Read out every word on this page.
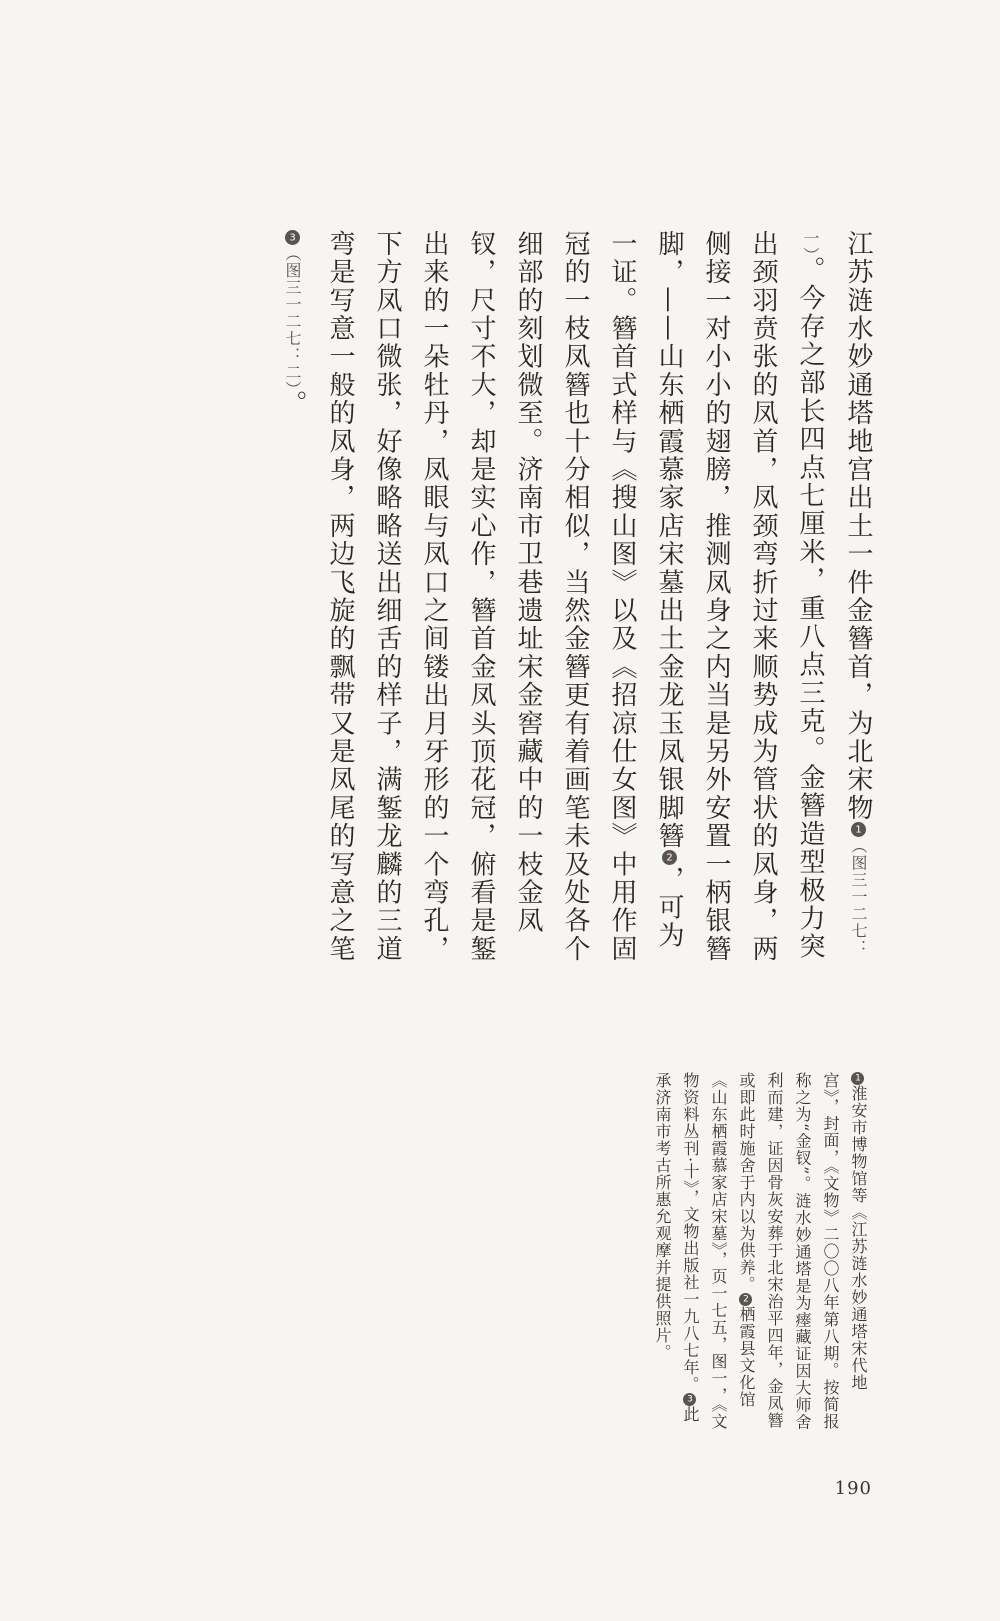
江苏涟水妙通塔地宫出土一件金簪首，为北宋物1（图三一二七：一）。今存之部长四点七厘米，重八点三克。金簪造型极力突出颈羽贲张的凤首，凤颈弯折过来顺势成为管状的凤身，两侧接一对小小的翅膀，推测凤身之内当是另外安置一柄银簪脚，——山东栖霞慕家店宋墓出土金龙玉凤银脚簪2，可为一证。簪首式样与《搜山图》以及《招凉仕女图》中用作固冠的一枝凤簪也十分相似，当然金簪更有着画笔未及处各个细部的刻划微至。济南市卫巷遗址宋金窖藏中的一枝金凤钗，尺寸不大，却是实心作，簪首金凤头顶花冠，俯看是錾出来的一朵牡丹，凤眼与凤口之间镂出月牙形的一个弯孔，下方凤口微张，好像略略送出细舌的样子，满錾龙麟的三道弯是写意一般的凤身，两边飞旋的飘带又是凤尾的写意之笔3（图三一二七：二）。

1淮安市博物馆等《江苏涟水妙通塔宋代地宫》，封面，《文物》二〇〇八年第八期。按简报称之为“金钗”。涟水妙通塔是为瘗藏证因大师舍利而建，证因骨灰安葬于北宋治平四年，金凤簪或即此时施舍于内以为供养。2栖霞县文化馆《山东栖霞慕家店宋墓》，页一七五，图一，《文物资料丛刊·十》，文物出版社一九八七年。3此承济南市考古所惠允观摩并提供照片。

190
